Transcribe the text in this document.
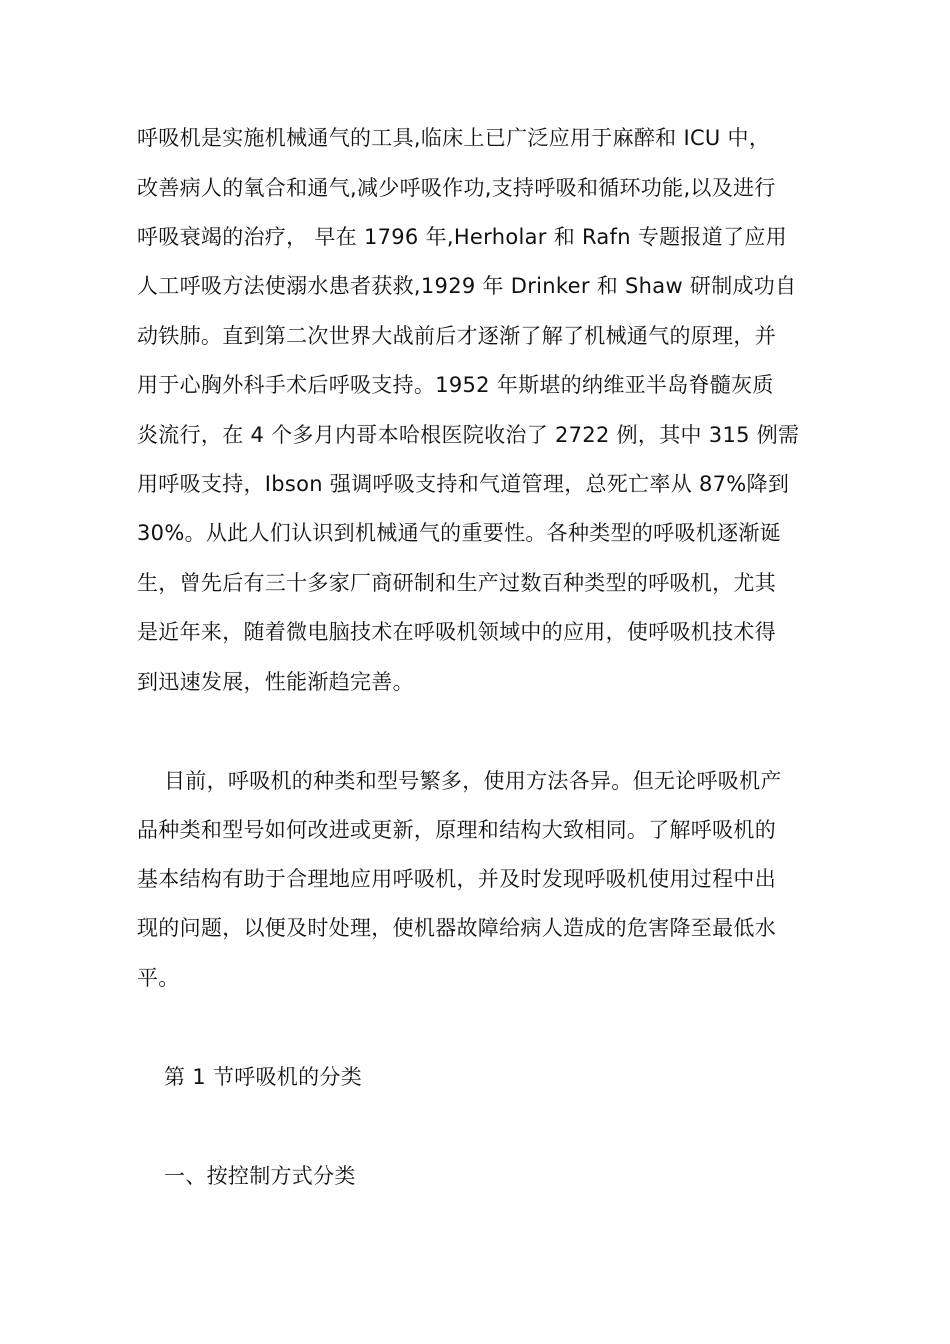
呼吸机是实施机械通气的工具,临床上已广泛应用于麻醉和 ICU 中，
改善病人的氧合和通气,减少呼吸作功,支持呼吸和循环功能,以及进行
呼吸衰竭的治疗， 早在 1796 年,Herholar 和 Rafn 专题报道了应用
人工呼吸方法使溺水患者获救,1929 年 Drinker 和 Shaw 研制成功自
动铁肺。直到第二次世界大战前后才逐渐了解了机械通气的原理，并
用于心胸外科手术后呼吸支持。1952 年斯堪的纳维亚半岛脊髓灰质
炎流行，在 4 个多月内哥本哈根医院收治了 2722 例，其中 315 例需
用呼吸支持，Ibson 强调呼吸支持和气道管理，总死亡率从 87%降到
30%。从此人们认识到机械通气的重要性。各种类型的呼吸机逐渐诞
生，曾先后有三十多家厂商研制和生产过数百种类型的呼吸机，尤其
是近年来，随着微电脑技术在呼吸机领域中的应用，使呼吸机技术得
到迅速发展，性能渐趋完善。
目前，呼吸机的种类和型号繁多，使用方法各异。但无论呼吸机产
品种类和型号如何改进或更新，原理和结构大致相同。了解呼吸机的
基本结构有助于合理地应用呼吸机，并及时发现呼吸机使用过程中出
现的问题，以便及时处理，使机器故障给病人造成的危害降至最低水
平。
第 1 节呼吸机的分类
一、按控制方式分类
